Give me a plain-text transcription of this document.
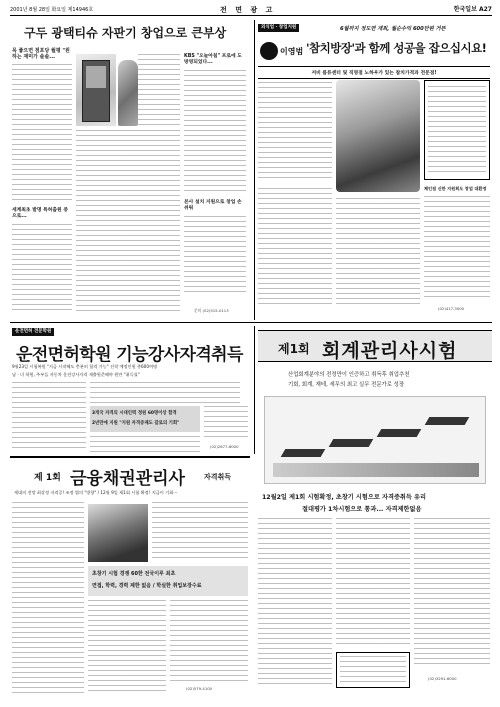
2001년 8월 28일 화요일 제14946호	전 면 광 고	한국일보 A27
구두 광택티슈 자판기 창업으로 큰부상
목 좋으면 점포당 월평 "원하는 재미가 솔솔...
세계최초 발명 특허출원 중으로...
KBS "오늘아침" 프로에 도 방영되었다...
본사 설치 지원으로 창업 손쉬워
문의 (02)515-0113
외식업 · 창업지원	6월까지 정도면 개최, 월순수익 600만원 거뜬
이영범 '참치방장'과 함께 성공을 잡으십시요!
저비 름류센터 및 직영점 노하우가 있는 참치가격과 전문점!
체인점 신한 지원회도 창업 대환영
(02)417-3000
운전면허 전문학원
운전면허학원 기능강사자격취득
9월23일 시험복원 "지금 시작해도 충분히 합격 가능" 선착 예정인원 총600여명
남 · 녀 학원, 주부들 자동차 운전강사자격 재출원준해야 원만 "취득률"
3개국 자격의 시대인력 정원 60명이상 합격
2년만에 지원 "지원 자격증제도 갈로의 기회"
(02)2677-6000
제1회 회계관리사시험
산업회계분야의 전정만이 인증하고 취득후 취업추천
기회, 회계, 재테, 세무의 최고 실무 전문가로 성장
12월2일 제1회 시험확정, 초창기 시험으로 자격증취득 유리
절대평가 1차시험으로 통과... 자격제한없음
(02)3291-6000
제 1회 금융채권관리사	자격취득
세대의 전망 최상정 자격증! 조정 법의 "방향" / 12월 9일 제1회 시험 확정! 지금이 기회···
초창기 시험 경쟁 60한 전국이루 최초
면접, 학력, 경력 제한 없음 / 학실한 취업보장수료
(02)579-4100
